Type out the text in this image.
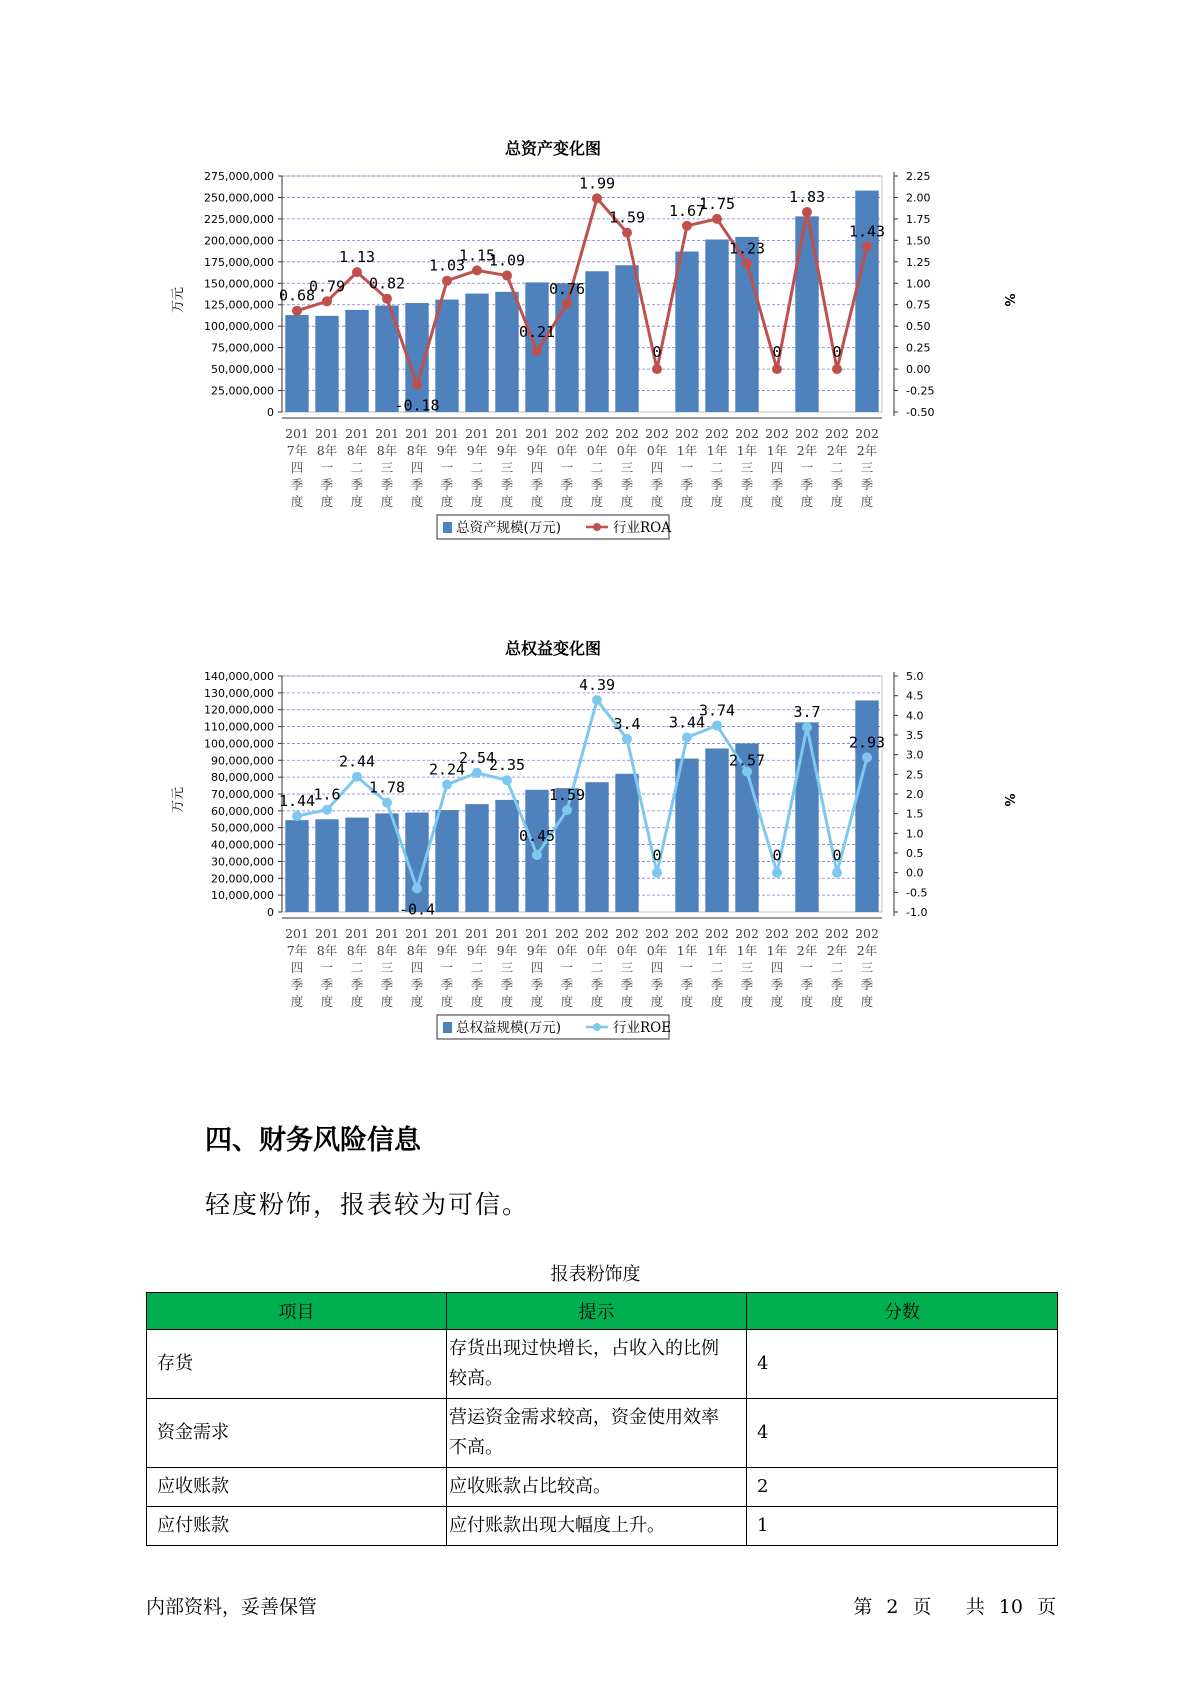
总资产变化图
0
25,000,000
50,000,000
75,000,000
100,000,000
125,000,000
150,000,000
175,000,000
200,000,000
225,000,000
250,000,000
275,000,000
-0.50
-0.25
0.00
0.25
0.50
0.75
1.00
1.25
1.50
1.75
2.00
2.25
万元	%
201
7年
四
季
度
201
8年
一
季
度
201
8年
二
季
度
201
8年
三
季
度
201
8年
四
季
度
201
9年
一
季
度
201
9年
二
季
度
201
9年
三
季
度
201
9年
四
季
度
202
0年
一
季
度
202
0年
二
季
度
202
0年
三
季
度
202
0年
四
季
度
202
1年
一
季
度
202
1年
二
季
度
202
1年
三
季
度
202
1年
四
季
度
202
2年
一
季
度
202
2年
二
季
度
202
2年
三
季
度
0.68
0.79
1.13
0.82
-0.18
1.03
1.15
1.09
0.21
0.76
1.99
1.59
0
1.67
1.75
1.23
0
1.83
0
1.43
总资产规模(万元)	行业ROA
总权益变化图
0
10,000,000
20,000,000
30,000,000
40,000,000
50,000,000
60,000,000
70,000,000
80,000,000
90,000,000
100,000,000
110,000,000
120,000,000
130,000,000
140,000,000
-1.0
-0.5
0.0
0.5
1.0
1.5
2.0
2.5
3.0
3.5
4.0
4.5
5.0
万元	%
201
7年
四
季
度
201
8年
一
季
度
201
8年
二
季
度
201
8年
三
季
度
201
8年
四
季
度
201
9年
一
季
度
201
9年
二
季
度
201
9年
三
季
度
201
9年
四
季
度
202
0年
一
季
度
202
0年
二
季
度
202
0年
三
季
度
202
0年
四
季
度
202
1年
一
季
度
202
1年
二
季
度
202
1年
三
季
度
202
1年
四
季
度
202
2年
一
季
度
202
2年
二
季
度
202
2年
三
季
度
1.44
1.6
2.44
1.78
-0.4
2.24
2.54
2.35
0.45
1.59
4.39
3.4
0
3.44
3.74
2.57
0
3.7
0
2.93
总权益规模(万元)	行业ROE
四、财务风险信息

轻度粉饰，报表较为可信。

报表粉饰度
项目	提示	分数
存货	存货出现过快增长，占收入的比例较高。	4
资金需求	营运资金需求较高，资金使用效率不高。	4
应收账款	应收账款占比较高。	2
应付账款	应付账款出现大幅度上升。	1
内部资料，妥善保管	第 2 页 共 10 页
